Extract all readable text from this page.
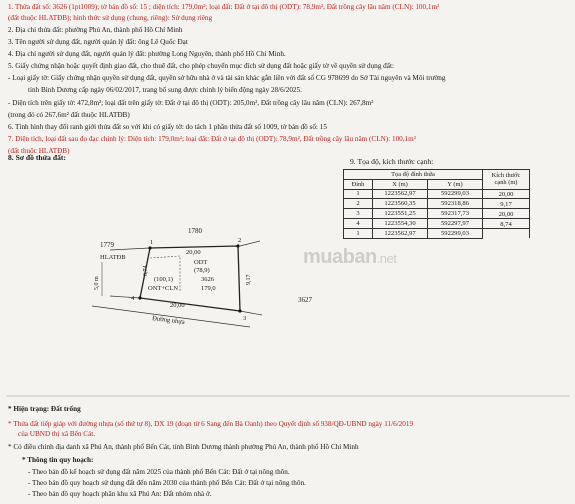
1. Thửa đất số: 3626 (1pt1009); tờ bản đồ số: 15 ; diện tích: 179,0m²; loại đất: Đất ở tại đô thị (ODT): 78,9m², Đất trồng cây lâu năm (CLN): 100,1m²
(đất thuộc HLATĐB); hình thức sử dụng (chung, riêng): Sử dụng riêng
2. Địa chỉ thửa đất: phường Phú An, thành phố Hồ Chí Minh
3. Tên người sử dụng đất, người quản lý đất: ông Lê Quốc Đạt
4. Địa chỉ người sử dụng đất, người quản lý đất: phường Long Nguyên, thành phố Hồ Chí Minh.
5. Giấy chứng nhận hoặc quyết định giao đất, cho thuê đất, cho phép chuyển mục đích sử dụng đất hoặc giấy tờ về quyền sử dụng đất:
- Loại giấy tờ: Giấy chứng nhận quyền sử dụng đất, quyền sở hữu nhà ở và tài sản khác gắn liền với đất số CG 978699 do Sở Tài nguyên và Môi trường
tỉnh Bình Dương cấp ngày 06/02/2017, trang bổ sung được chỉnh lý biến động ngày 28/6/2025.
- Diện tích trên giấy tờ: 472,8m²; loại đất trên giấy tờ: Đất ở tại đô thị (ODT): 205,0m², Đất trồng cây lâu năm (CLN): 267,8m²
(trong đó có 267,6m² đất thuộc HLATĐB)
6. Tình hình thay đổi ranh giới thửa đất so với khi có giấy tờ: do tách 1 phần thửa đất số 1009, tờ bản đồ số: 15
7. Diện tích, loại đất sau đo đạc chỉnh lý: Diện tích: 179,0m²; loại đất: Đất ở tại đô thị (ODT): 78,9m², Đất trồng cây lâu năm (CLN): 100,1m²
(đất thuộc HLATĐB)
8. Sơ đồ thửa đất:	9. Tọa độ, kích thước cạnh:
Tọa độ đỉnh thửa			Kích thước cạnh (m)
Đỉnh	X (m)	Y (m)	
1	1223562,97	592299,03	20,00
2	1223560,35	592318,86	9,17
3	1223551,25	592317,73	20,00
4	1223554,30	592297,97	8,74
1	1223562,97	592299,03	
1780
1779
3627
20,00
20,00
8,74
9,17
HLATĐB
5,0 m
ODT
(78,9)
(100,1)
ONT+CLN
3626
179,0
Đường nhựa
1	2
3
4
muaban.net
* Hiện trạng: Đất trống
* Thửa đất tiếp giáp với đường nhựa (số thứ tự 8), DX 19 (đoạn từ 6 Sang đến Bà Oanh) theo Quyết định số 938/QĐ-UBND ngày 11/6/2019
của UBND thị xã Bến Cát.
* Có điều chỉnh địa danh xã Phú An, thành phố Bến Cát, tỉnh Bình Dương thành phường Phú An, thành phố Hồ Chí Minh
* Thông tin quy hoạch:
- Theo bản đồ kế hoạch sử dụng đất năm 2025 của thành phố Bến Cát: Đất ở tại nông thôn.
- Theo bản đồ quy hoạch sử dụng đất đến năm 2030 của thành phố Bến Cát: Đất ở tại nông thôn.
- Theo bản đồ quy hoạch phân khu xã Phú An: Đất nhóm nhà ở.
